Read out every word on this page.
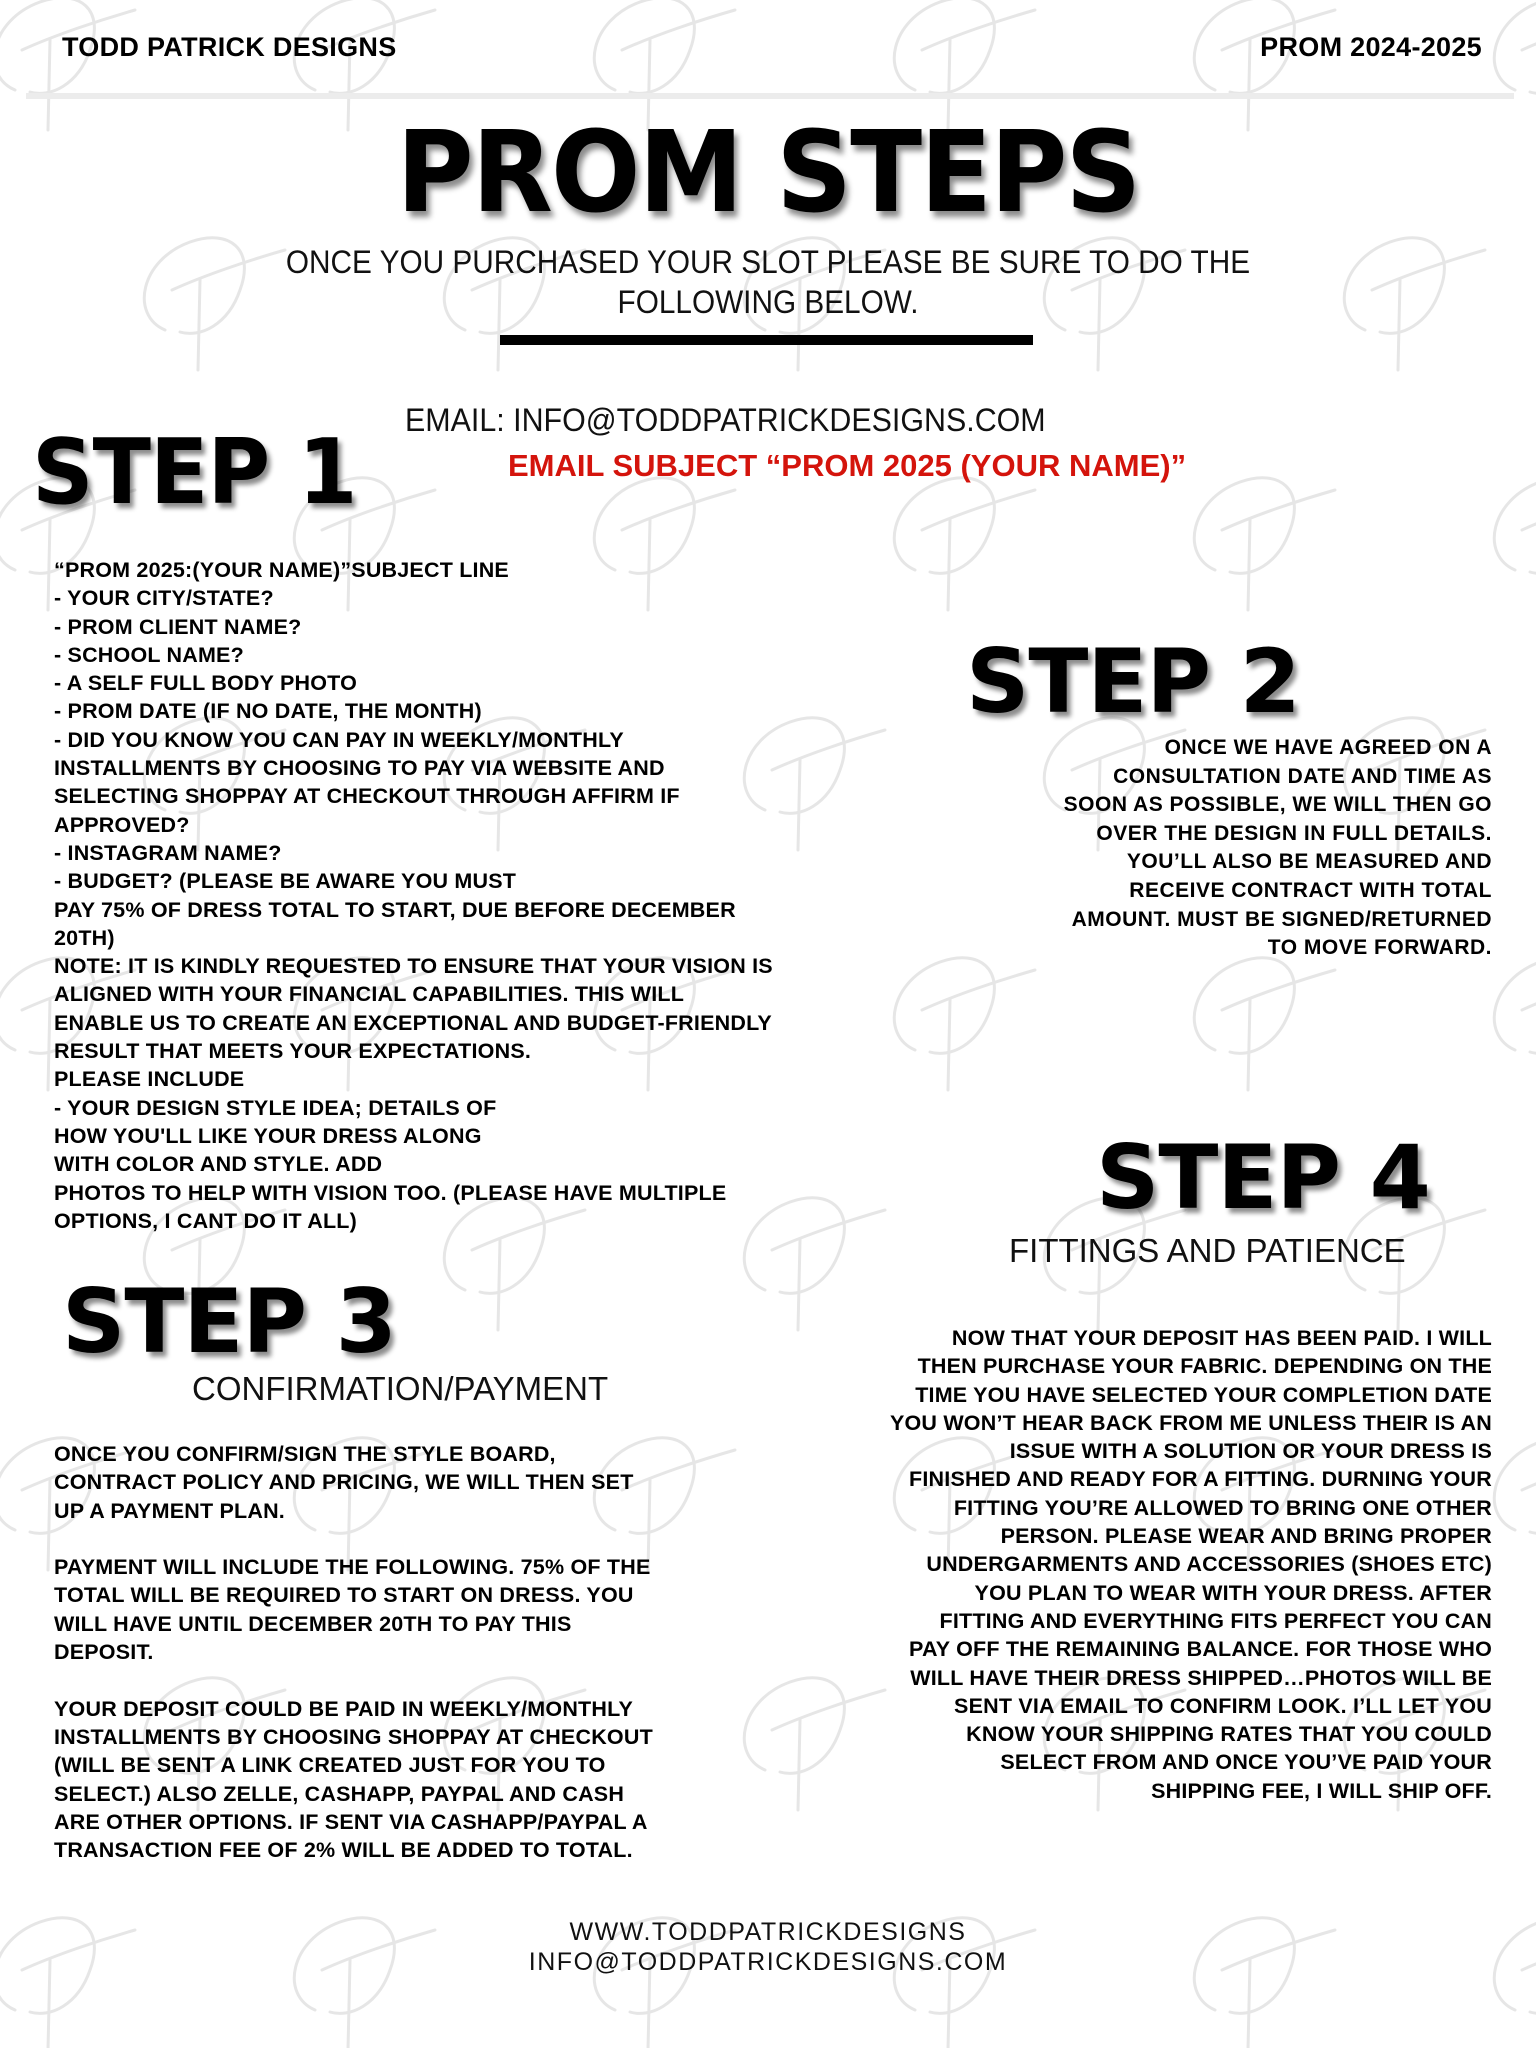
TODD PATRICK DESIGNS	PROM 2024-2025
PROM STEPS
ONCE YOU PURCHASED YOUR SLOT PLEASE BE SURE TO DO THE
FOLLOWING BELOW.
STEP 1 EMAIL: INFO@TODDPATRICKDESIGNS.COM
EMAIL SUBJECT “PROM 2025 (YOUR NAME)”
“PROM 2025:(YOUR NAME)”SUBJECT LINE
- YOUR CITY/STATE?
- PROM CLIENT NAME?
- SCHOOL NAME?
- A SELF FULL BODY PHOTO
- PROM DATE (IF NO DATE, THE MONTH)
- DID YOU KNOW YOU CAN PAY IN WEEKLY/MONTHLY
INSTALLMENTS BY CHOOSING TO PAY VIA WEBSITE AND
SELECTING SHOPPAY AT CHECKOUT THROUGH AFFIRM IF
APPROVED?
- INSTAGRAM NAME?
- BUDGET? (PLEASE BE AWARE YOU MUST
PAY 75% OF DRESS TOTAL TO START, DUE BEFORE DECEMBER
20TH)
NOTE: IT IS KINDLY REQUESTED TO ENSURE THAT YOUR VISION IS
ALIGNED WITH YOUR FINANCIAL CAPABILITIES. THIS WILL
ENABLE US TO CREATE AN EXCEPTIONAL AND BUDGET-FRIENDLY
RESULT THAT MEETS YOUR EXPECTATIONS.
PLEASE INCLUDE
- YOUR DESIGN STYLE IDEA; DETAILS OF
HOW YOU'LL LIKE YOUR DRESS ALONG
WITH COLOR AND STYLE. ADD
PHOTOS TO HELP WITH VISION TOO. (PLEASE HAVE MULTIPLE
OPTIONS, I CANT DO IT ALL)
STEP 2
ONCE WE HAVE AGREED ON A
CONSULTATION DATE AND TIME AS
SOON AS POSSIBLE, WE WILL THEN GO
OVER THE DESIGN IN FULL DETAILS.
YOU’LL ALSO BE MEASURED AND
RECEIVE CONTRACT WITH TOTAL
AMOUNT. MUST BE SIGNED/RETURNED
TO MOVE FORWARD.
STEP 3
CONFIRMATION/PAYMENT
ONCE YOU CONFIRM/SIGN THE STYLE BOARD,
CONTRACT POLICY AND PRICING, WE WILL THEN SET
UP A PAYMENT PLAN.
PAYMENT WILL INCLUDE THE FOLLOWING. 75% OF THE
TOTAL WILL BE REQUIRED TO START ON DRESS. YOU
WILL HAVE UNTIL DECEMBER 20TH TO PAY THIS
DEPOSIT.
YOUR DEPOSIT COULD BE PAID IN WEEKLY/MONTHLY
INSTALLMENTS BY CHOOSING SHOPPAY AT CHECKOUT
(WILL BE SENT A LINK CREATED JUST FOR YOU TO
SELECT.) ALSO ZELLE, CASHAPP, PAYPAL AND CASH
ARE OTHER OPTIONS. IF SENT VIA CASHAPP/PAYPAL A
TRANSACTION FEE OF 2% WILL BE ADDED TO TOTAL.
STEP 4
FITTINGS AND PATIENCE
NOW THAT YOUR DEPOSIT HAS BEEN PAID. I WILL
THEN PURCHASE YOUR FABRIC. DEPENDING ON THE
TIME YOU HAVE SELECTED YOUR COMPLETION DATE
YOU WON’T HEAR BACK FROM ME UNLESS THEIR IS AN
ISSUE WITH A SOLUTION OR YOUR DRESS IS
FINISHED AND READY FOR A FITTING. DURNING YOUR
FITTING YOU’RE ALLOWED TO BRING ONE OTHER
PERSON. PLEASE WEAR AND BRING PROPER
UNDERGARMENTS AND ACCESSORIES (SHOES ETC)
YOU PLAN TO WEAR WITH YOUR DRESS. AFTER
FITTING AND EVERYTHING FITS PERFECT YOU CAN
PAY OFF THE REMAINING BALANCE. FOR THOSE WHO
WILL HAVE THEIR DRESS SHIPPED…PHOTOS WILL BE
SENT VIA EMAIL TO CONFIRM LOOK. I’LL LET YOU
KNOW YOUR SHIPPING RATES THAT YOU COULD
SELECT FROM AND ONCE YOU’VE PAID YOUR
SHIPPING FEE, I WILL SHIP OFF.
WWW.TODDPATRICKDESIGNS
INFO@TODDPATRICKDESIGNS.COM
